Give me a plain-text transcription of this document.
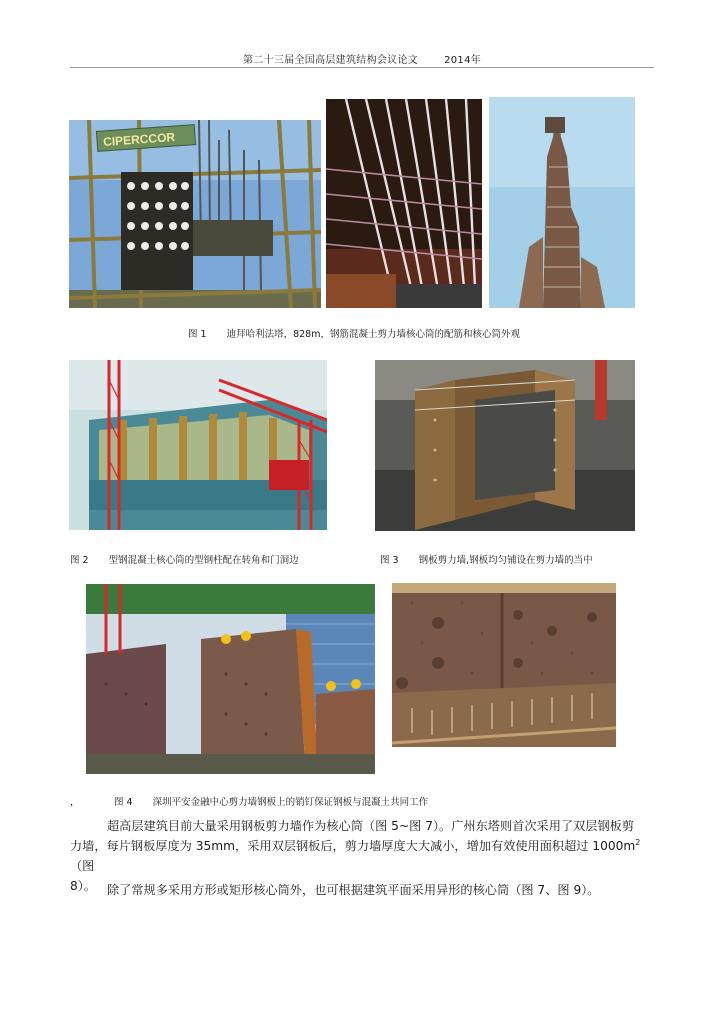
第二十三届全国高层建筑结构会议论文	2014年
CIPERCCOR
图 1 迪拜哈利法塔，828m，钢筋混凝土剪力墙核心筒的配筋和核心筒外观
图 2 型钢混凝土核心筒的型钢柱配在转角和门洞边	图 3 钢板剪力墙,钢板均匀铺设在剪力墙的当中
，	图 4 深圳平安金融中心剪力墙钢板上的销钉保证钢板与混凝土共同工作
超高层建筑目前大量采用钢板剪力墙作为核心筒（图 5~图 7）。广州东塔则首次采用了双层钢板剪
力墙，每片钢板厚度为 35mm，采用双层钢板后，剪力墙厚度大大减小，增加有效使用面积超过 $1000m^2$（图
8）。 除了常规多采用方形或矩形核心筒外，也可根据建筑平面采用异形的核心筒（图 7、图 9）。
